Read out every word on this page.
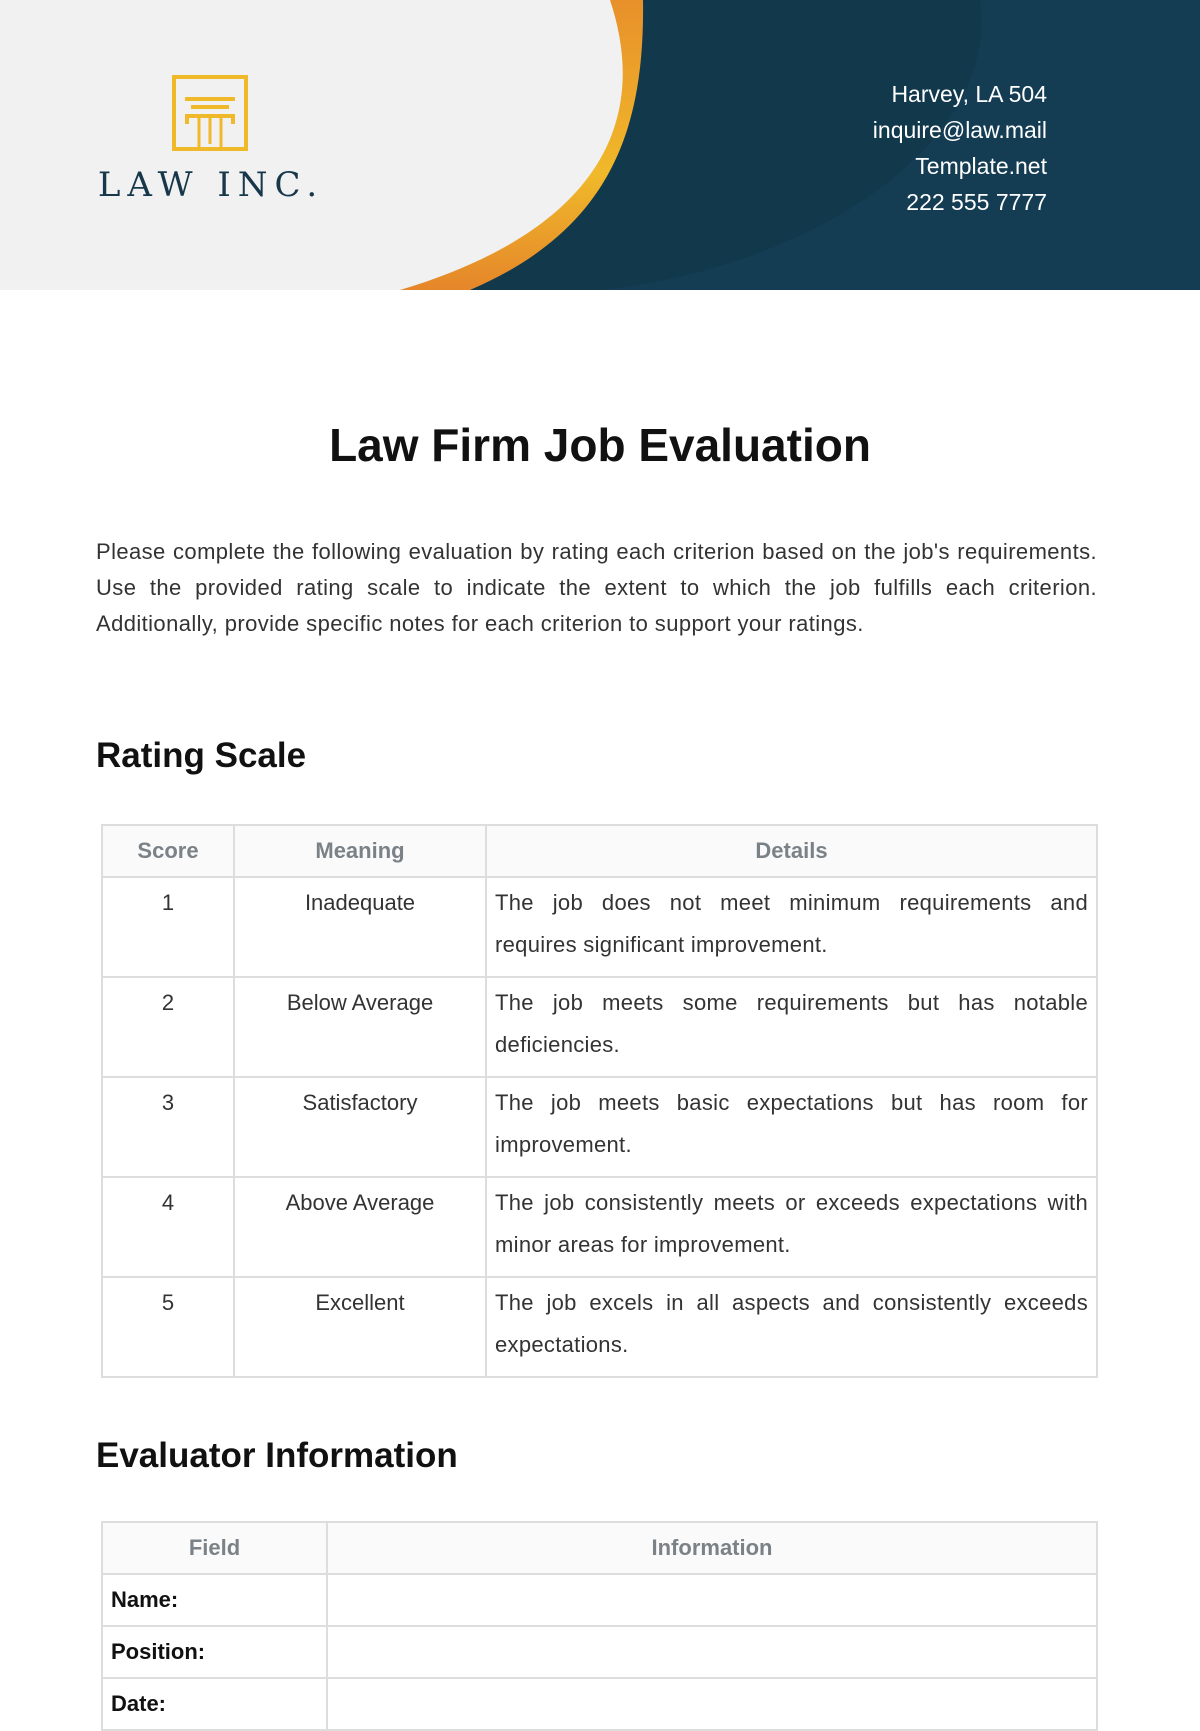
LAW INC.
Harvey, LA 504
inquire@law.mail
Template.net
222 555 7777
Law Firm Job Evaluation

Please complete the following evaluation by rating each criterion based on the job's requirements. Use the provided rating scale to indicate the extent to which the job fulfills each criterion. Additionally, provide specific notes for each criterion to support your ratings.

Rating Scale
Score	Meaning	Details
1	Inadequate	The job does not meet minimum requirements and requires significant improvement.
2	Below Average	The job meets some requirements but has notable deficiencies.
3	Satisfactory	The job meets basic expectations but has room for improvement.
4	Above Average	The job consistently meets or exceeds expectations with minor areas for improvement.
5	Excellent	The job excels in all aspects and consistently exceeds expectations.
Evaluator Information
Field	Information
Name:	
Position:	
Date:	
